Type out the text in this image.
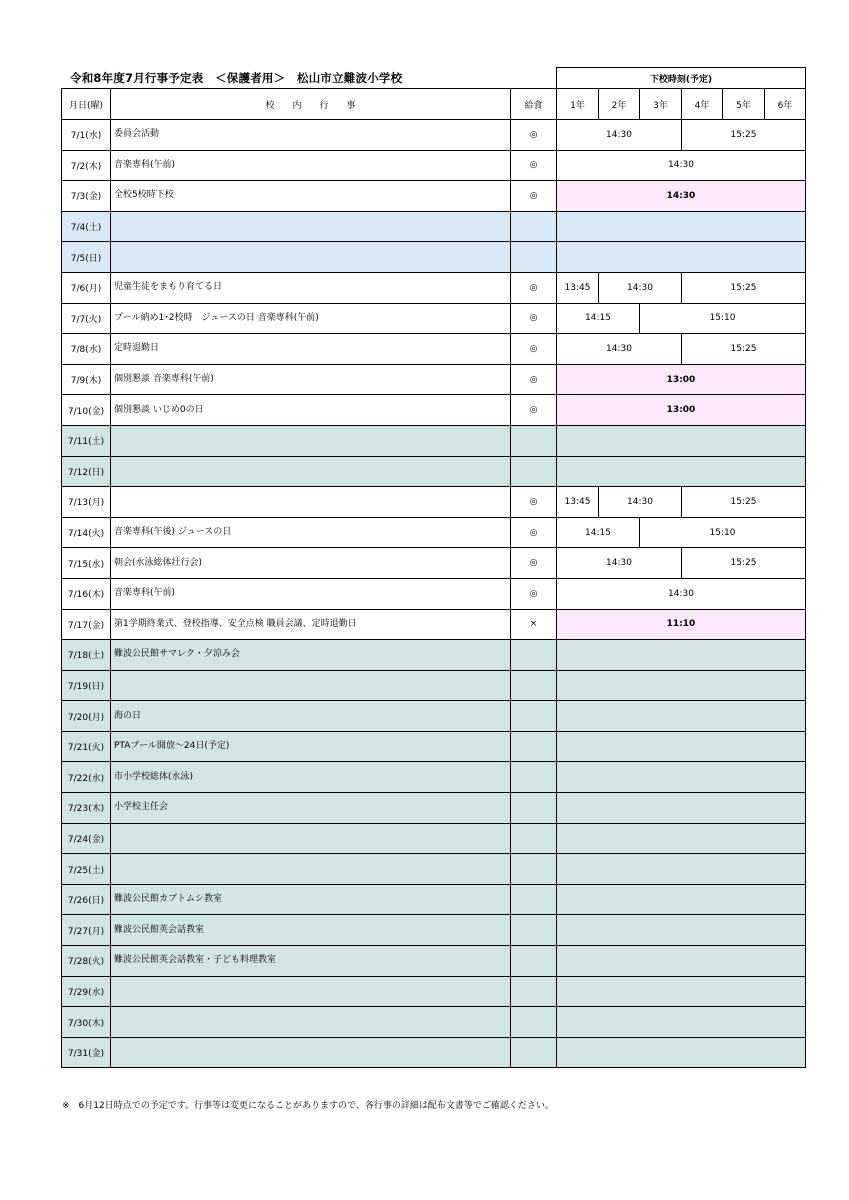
令和8年度7月行事予定表　＜保護者用＞　松山市立難波小学校
			下校時刻(予定)					
月日(曜)	校　　内　　行　　事	給食	1年	2年	3年	4年	5年	6年
7/1(水)	委員会活動	◎	14:30			15:25		
7/2(木)	音楽専科(午前)	◎	14:30					
7/3(金)	全校5校時下校	◎	14:30					
7/4(土)								
7/5(日)								
7/6(月)	児童生徒をまもり育てる日	◎	13:45	14:30		15:25		
7/7(火)	プール納め1･2校時　ジュースの日 音楽専科(午前)	◎	14:15		15:10			
7/8(水)	定時退勤日	◎	14:30			15:25		
7/9(木)	個別懇談 音楽専科(午前)	◎	13:00					
7/10(金)	個別懇談 いじめ0の日	◎	13:00					
7/11(土)								
7/12(日)								
7/13(月)		◎	13:45	14:30		15:25		
7/14(火)	音楽専科(午後) ジュースの日	◎	14:15		15:10			
7/15(水)	朝会(水泳総体壮行会)	◎	14:30			15:25		
7/16(木)	音楽専科(午前)	◎	14:30					
7/17(金)	第1学期終業式、登校指導、安全点検 職員会議、定時退勤日	×	11:10					
7/18(土)	難波公民館サマレク・夕涼み会							
7/19(日)								
7/20(月)	海の日							
7/21(火)	PTAプール開放～24日(予定)							
7/22(水)	市小学校総体(水泳)							
7/23(木)	小学校主任会							
7/24(金)								
7/25(土)								
7/26(日)	難波公民館カブトムシ教室							
7/27(月)	難波公民館英会話教室							
7/28(火)	難波公民館英会話教室・子ども料理教室							
7/29(水)								
7/30(木)								
7/31(金)								
※　6月12日時点での予定です。行事等は変更になることがありますので、各行事の詳細は配布文書等でご確認ください。
